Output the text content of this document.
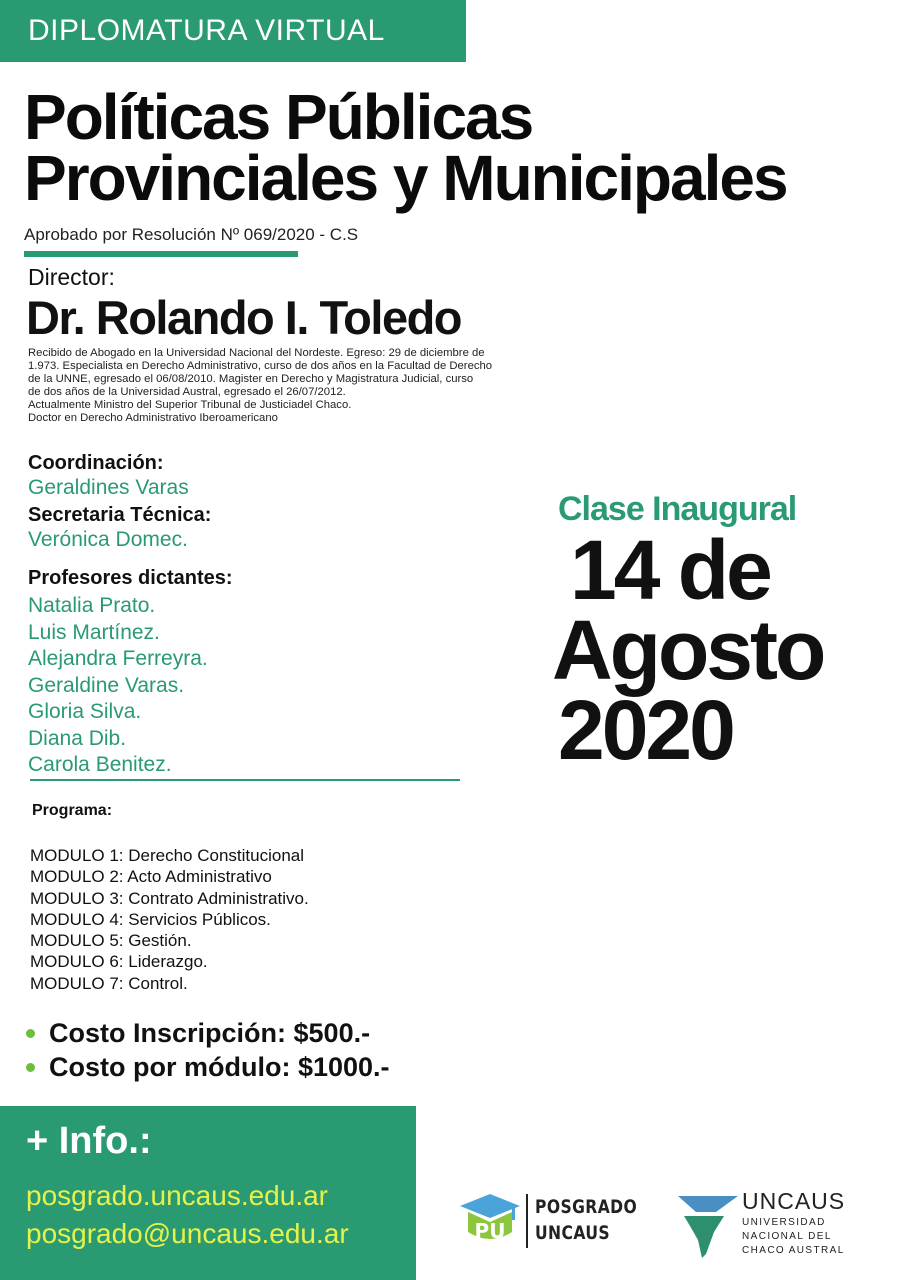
DIPLOMATURA VIRTUAL
Políticas Públicas
Provinciales y Municipales
Aprobado por Resolución Nº 069/2020 - C.S
Director:
Dr. Rolando I. Toledo
Recibido de Abogado en la Universidad Nacional del Nordeste. Egreso: 29 de diciembre de
1.973. Especialista en Derecho Administrativo, curso de dos años en la Facultad de Derecho
de la UNNE, egresado el 06/08/2010. Magister en Derecho y Magistratura Judicial, curso
de dos años de la Universidad Austral, egresado el 26/07/2012.
Actualmente Ministro del Superior Tribunal de Justiciadel Chaco.
Doctor en Derecho Administrativo Iberoamericano
Coordinación:
Geraldines Varas
Secretaria Técnica:
Verónica Domec.
Profesores dictantes:
Natalia Prato.
Luis Martínez.
Alejandra Ferreyra.
Geraldine Varas.
Gloria Silva.
Diana Dib.
Carola Benitez.
Programa:
MODULO 1: Derecho Constitucional
MODULO 2: Acto Administrativo
MODULO 3: Contrato Administrativo.
MODULO 4: Servicios Públicos.
MODULO 5: Gestión.
MODULO 6: Liderazgo.
MODULO 7: Control.
Costo Inscripción: $500.-
Costo por módulo: $1000.-
Clase Inaugural
14 de
Agosto
2020
+ Info.:
posgrado.uncaus.edu.ar
posgrado@uncaus.edu.ar	PU
POSGRADO
UNCAUS
UNCAUS
UNIVERSIDAD
NACIONAL DEL
CHACO AUSTRAL
